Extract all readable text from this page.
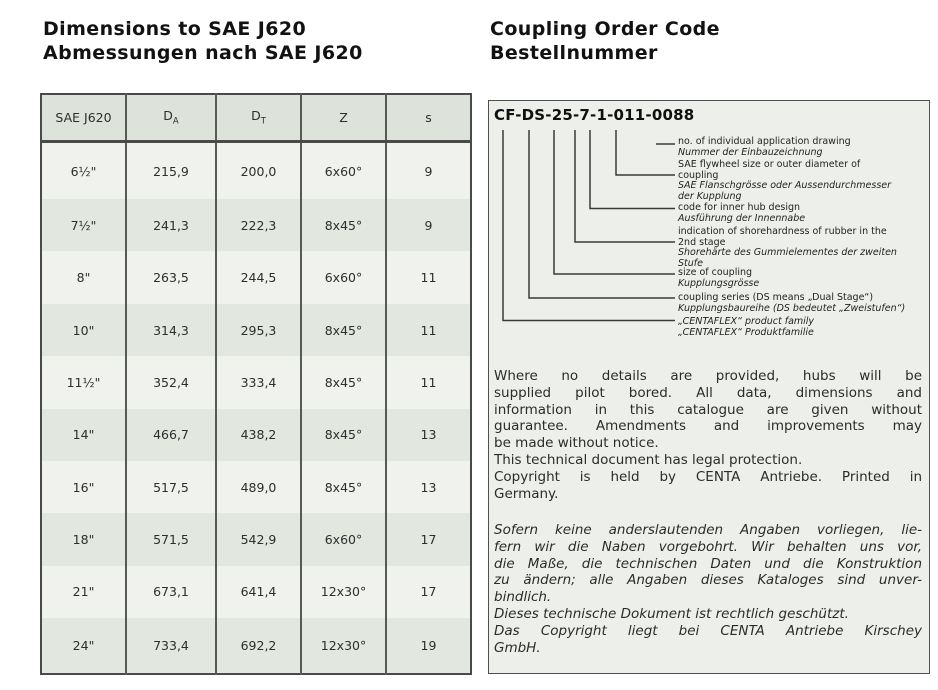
Dimensions to SAE J620
Abmessungen nach SAE J620
Coupling Order Code
Bestellnummer
SAE J620	$D_A$	$D_T$	Z	s
6½"	215,9	200,0	6x60°	9
7½"	241,3	222,3	8x45°	9
8"	263,5	244,5	6x60°	11
10"	314,3	295,3	8x45°	11
11½"	352,4	333,4	8x45°	11
14"	466,7	438,2	8x45°	13
16"	517,5	489,0	8x45°	13
18"	571,5	542,9	6x60°	17
21"	673,1	641,4	12x30°	17
24"	733,4	692,2	12x30°	19
CF-DS-25-7-1-011-0088
no. of individual application drawing
Nummer der Einbauzeichnung
SAE flywheel size or outer diameter of
coupling
SAE Flanschgrösse oder Aussendurchmesser
der Kupplung
code for inner hub design
Ausführung der Innennabe
indication of shorehardness of rubber in the
2nd stage
Shorehärte des Gummielementes der zweiten
Stufe
size of coupling
Kupplungsgrösse
coupling series (DS means „Dual Stage“)
Kupplungsbaureihe (DS bedeutet „Zweistufen“)
„CENTAFLEX“ product family
„CENTAFLEX“ Produktfamilie
Where no details are provided, hubs will be
supplied pilot bored. All data, dimensions and
information in this catalogue are given without
guarantee. Amendments and improvements may
be made without notice.
This technical document has legal protection.
Copyright is held by CENTA Antriebe. Printed in
Germany.
Sofern keine anderslautenden Angaben vorliegen, lie-
fern wir die Naben vorgebohrt. Wir behalten uns vor,
die Maße, die technischen Daten und die Konstruktion
zu ändern; alle Angaben dieses Kataloges sind unver-
bindlich.
Dieses technische Dokument ist rechtlich geschützt.
Das Copyright liegt bei CENTA Antriebe Kirschey
GmbH.
